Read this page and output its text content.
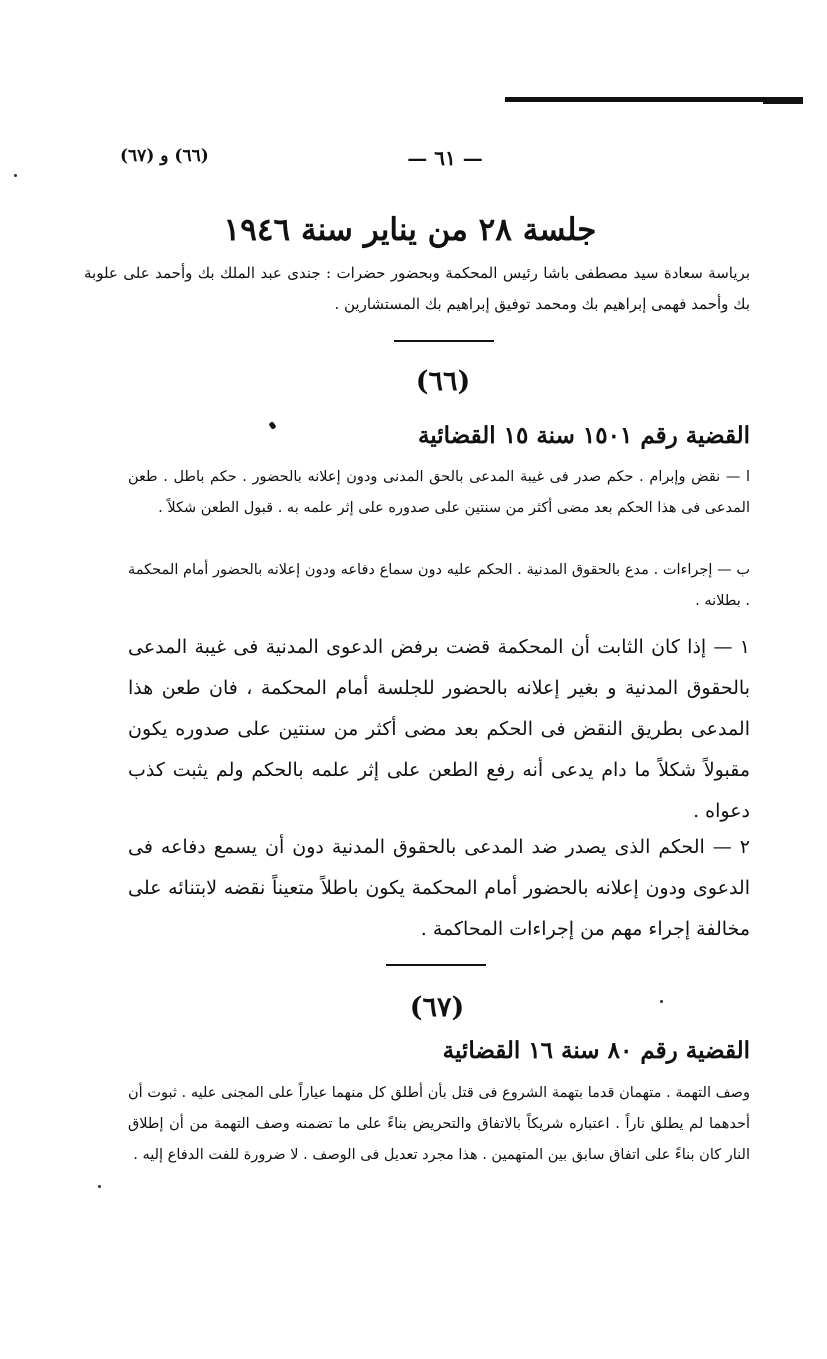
— ٦١ —
(٦٦) و (٦٧)
جلسة ٢٨ من يناير سنة ١٩٤٦
برياسة سعادة سيد مصطفى باشا رئيس المحكمة وبحضور حضرات : جندى عبد الملك بك وأحمد على علوبة بك وأحمد فهمى إبراهيم بك ومحمد توفيق إبراهيم بك المستشارين .
(٦٦)
القضية رقم ١٥٠١ سنة ١٥ القضائية
ا — نقض وإبرام . حكم صدر فى غيبة المدعى بالحق المدنى ودون إعلانه بالحضور . حكم باطل . طعن المدعى فى هذا الحكم بعد مضى أكثر من سنتين على صدوره على إثر علمه به . قبول الطعن شكلاً .
ب — إجراءات . مدع بالحقوق المدنية . الحكم عليه دون سماع دفاعه ودون إعلانه بالحضور أمام المحكمة . بطلانه .
١ — إذا كان الثابت أن المحكمة قضت برفض الدعوى المدنية فى غيبة المدعى بالحقوق المدنية و بغير إعلانه بالحضور للجلسة أمام المحكمة ، فان طعن هذا المدعى بطريق النقض فى الحكم بعد مضى أكثر من سنتين على صدوره يكون مقبولاً شكلاً ما دام يدعى أنه رفع الطعن على إثر علمه بالحكم ولم يثبت كذب دعواه .
٢ — الحكم الذى يصدر ضد المدعى بالحقوق المدنية دون أن يسمع دفاعه فى الدعوى ودون إعلانه بالحضور أمام المحكمة يكون باطلاً متعيناً نقضه لابتنائه على مخالفة إجراء مهم من إجراءات المحاكمة .
(٦٧)
القضية رقم ٨٠ سنة ١٦ القضائية
وصف التهمة . متهمان قدما بتهمة الشروع فى قتل بأن أطلق كل منهما عياراً على المجنى عليه . ثبوت أن أحدهما لم يطلق ناراً . اعتباره شريكاً بالاتفاق والتحريض بناءً على ما تضمنه وصف التهمة من أن إطلاق النار كان بناءً على اتفاق سابق بين المتهمين . هذا مجرد تعديل فى الوصف . لا ضرورة للفت الدفاع إليه .
